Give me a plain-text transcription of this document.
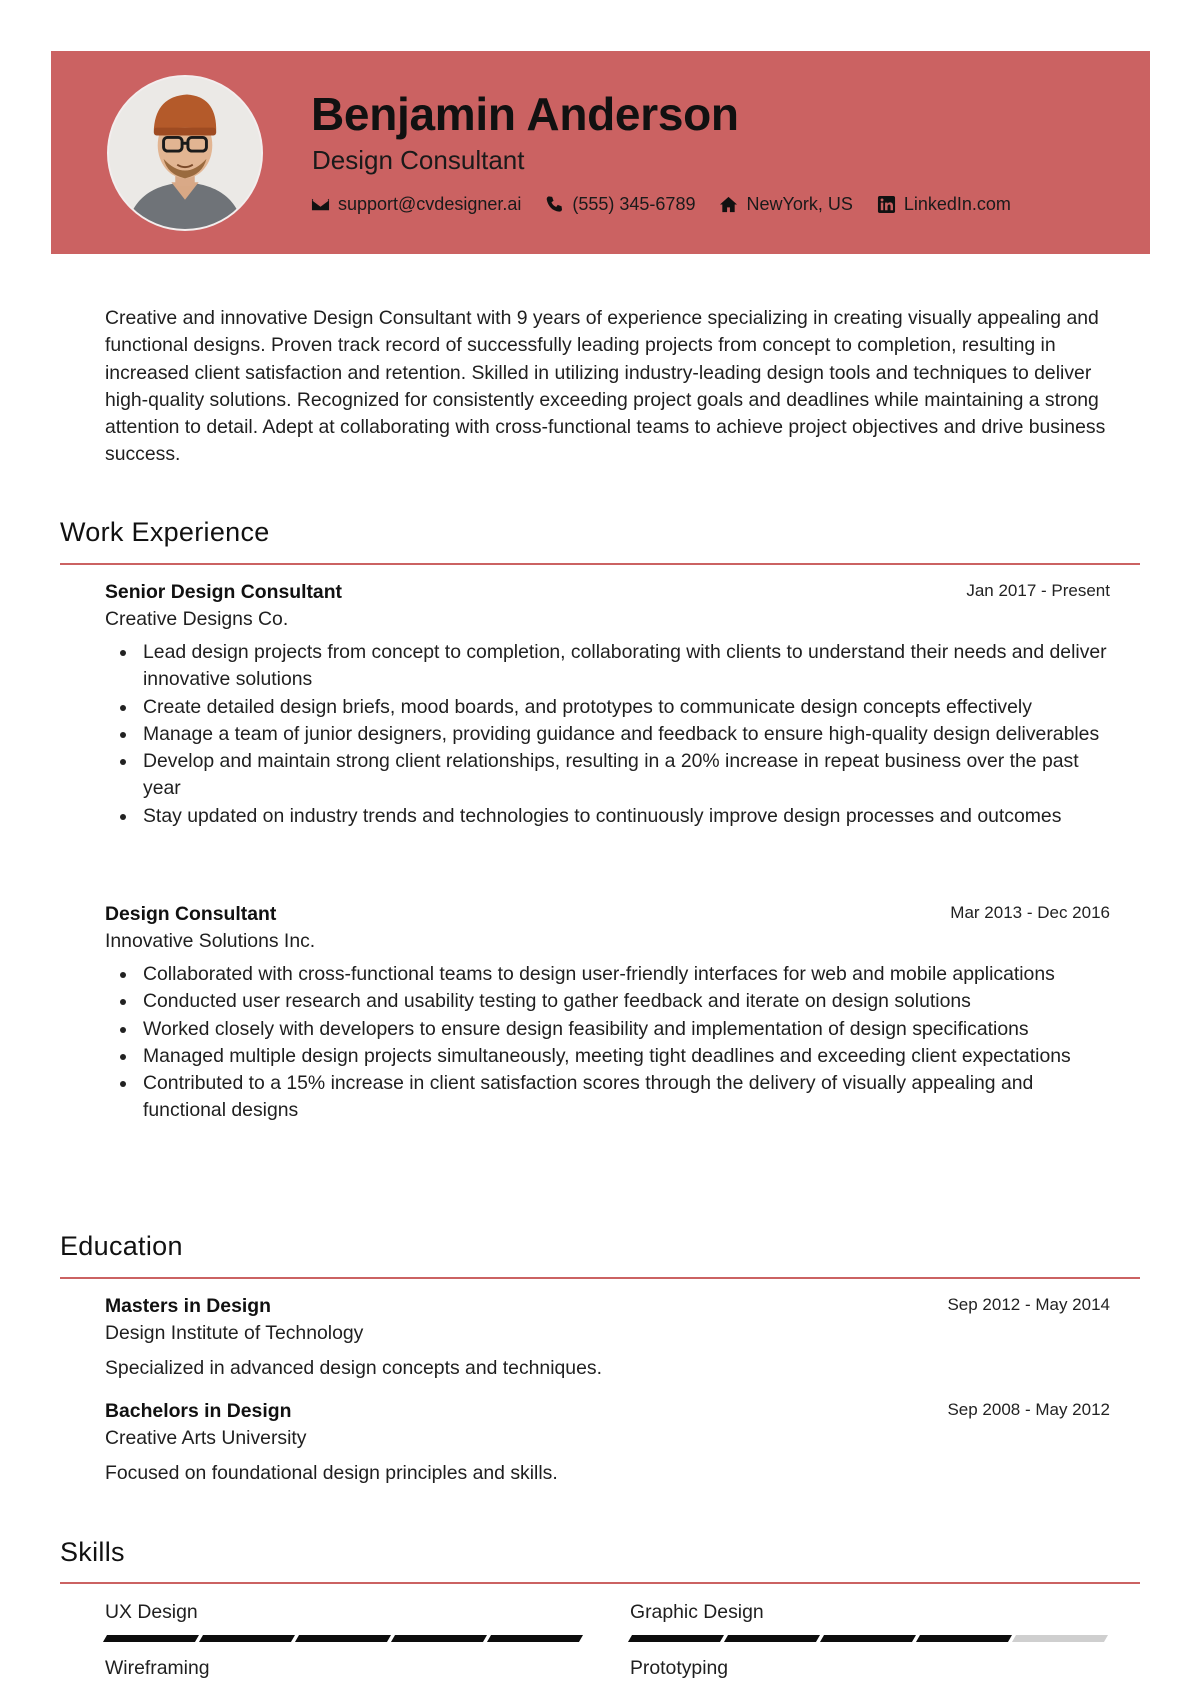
Benjamin Anderson
Design Consultant
support@cvdesigner.ai	(555) 345-6789	NewYork, US	LinkedIn.com
Creative and innovative Design Consultant with 9 years of experience specializing in creating visually appealing and functional designs. Proven track record of successfully leading projects from concept to completion, resulting in increased client satisfaction and retention. Skilled in utilizing industry-leading design tools and techniques to deliver high-quality solutions. Recognized for consistently exceeding project goals and deadlines while maintaining a strong attention to detail. Adept at collaborating with cross-functional teams to achieve project objectives and drive business success.
Work Experience
Senior Design Consultant
Creative Designs Co.
Jan 2017 - Present
Lead design projects from concept to completion, collaborating with clients to understand their needs and deliver innovative solutions
Create detailed design briefs, mood boards, and prototypes to communicate design concepts effectively
Manage a team of junior designers, providing guidance and feedback to ensure high-quality design deliverables
Develop and maintain strong client relationships, resulting in a 20% increase in repeat business over the past year
Stay updated on industry trends and technologies to continuously improve design processes and outcomes
Design Consultant
Innovative Solutions Inc.
Mar 2013 - Dec 2016
Collaborated with cross-functional teams to design user-friendly interfaces for web and mobile applications
Conducted user research and usability testing to gather feedback and iterate on design solutions
Worked closely with developers to ensure design feasibility and implementation of design specifications
Managed multiple design projects simultaneously, meeting tight deadlines and exceeding client expectations
Contributed to a 15% increase in client satisfaction scores through the delivery of visually appealing and functional designs
Education
Masters in Design
Design Institute of Technology
Sep 2012 - May 2014
Specialized in advanced design concepts and techniques.
Bachelors in Design
Creative Arts University
Sep 2008 - May 2012
Focused on foundational design principles and skills.
Skills
UX Design	Graphic Design
Wireframing	Prototyping
